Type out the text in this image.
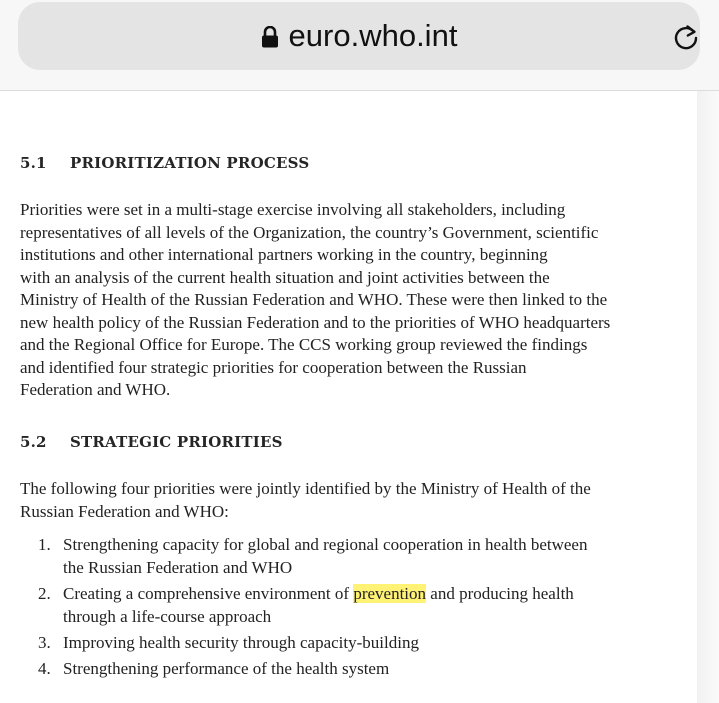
euro.who.int
5.1 PRIORITIZATION PROCESS
Priorities were set in a multi-stage exercise involving all stakeholders, including
representatives of all levels of the Organization, the country’s Government, scientific
institutions and other international partners working in the country, beginning
with an analysis of the current health situation and joint activities between the
Ministry of Health of the Russian Federation and WHO. These were then linked to the
new health policy of the Russian Federation and to the priorities of WHO headquarters
and the Regional Office for Europe. The CCS working group reviewed the findings
and identified four strategic priorities for cooperation between the Russian
Federation and WHO.
5.2 STRATEGIC PRIORITIES
The following four priorities were jointly identified by the Ministry of Health of the
Russian Federation and WHO:
1. Strengthening capacity for global and regional cooperation in health between
the Russian Federation and WHO
2. Creating a comprehensive environment of prevention and producing health
through a life-course approach
3. Improving health security through capacity-building
4. Strengthening performance of the health system
